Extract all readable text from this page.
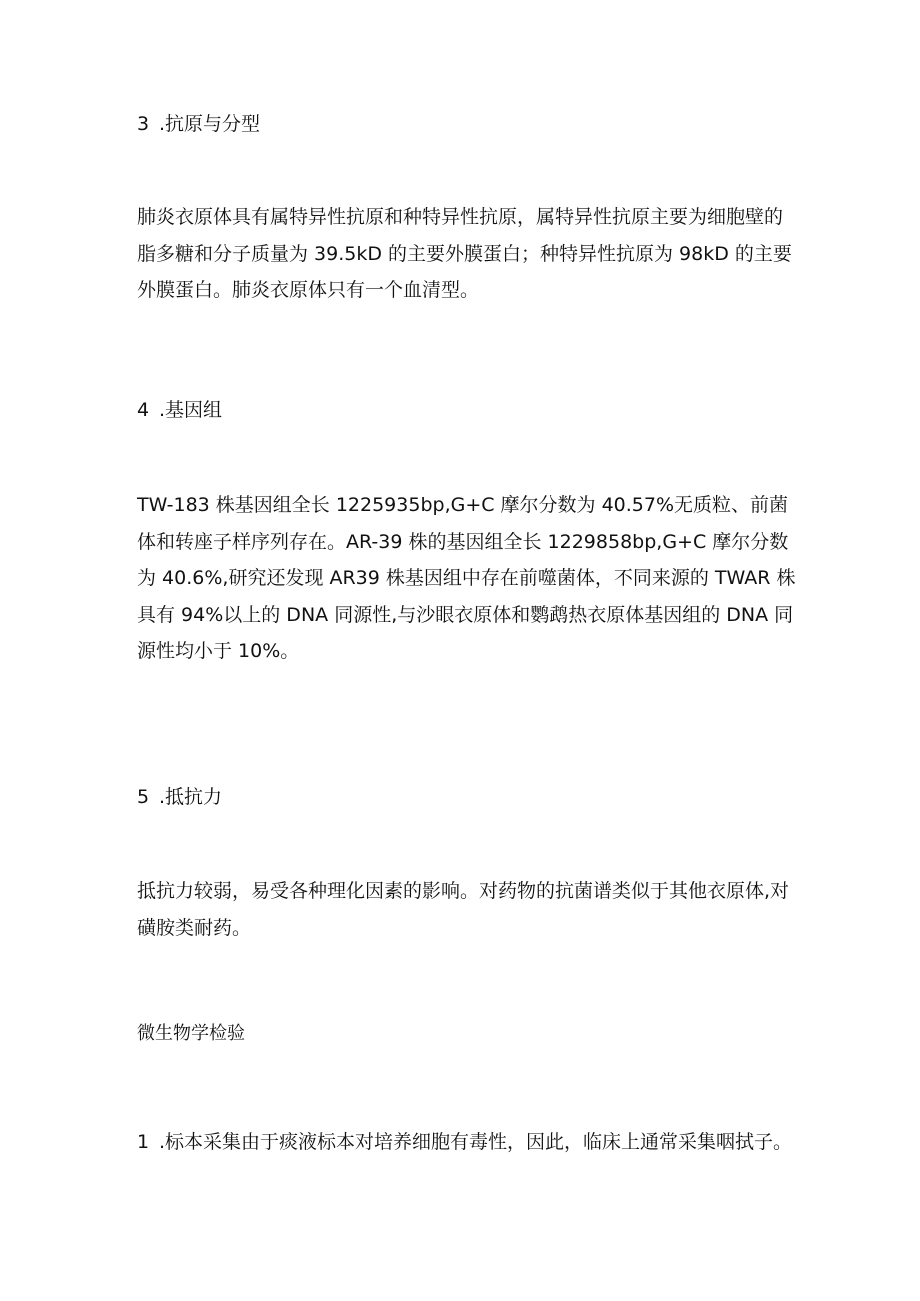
3 .抗原与分型
肺炎衣原体具有属特异性抗原和种特异性抗原，属特异性抗原主要为细胞壁的
脂多糖和分子质量为 39.5kD 的主要外膜蛋白；种特异性抗原为 98kD 的主要
外膜蛋白。肺炎衣原体只有一个血清型。
4 .基因组
TW-183 株基因组全长 1225935bp,G+C 摩尔分数为 40.57%无质粒、前菌
体和转座子样序列存在。AR-39 株的基因组全长 1229858bp,G+C 摩尔分数
为 40.6%,研究还发现 AR39 株基因组中存在前噬菌体，不同来源的 TWAR 株
具有 94%以上的 DNA 同源性,与沙眼衣原体和鹦鹉热衣原体基因组的 DNA 同
源性均小于 10%。
5 .抵抗力
抵抗力较弱，易受各种理化因素的影响。对药物的抗菌谱类似于其他衣原体,对
磺胺类耐药。
微生物学检验
1 .标本采集由于痰液标本对培养细胞有毒性，因此，临床上通常采集咽拭子。
